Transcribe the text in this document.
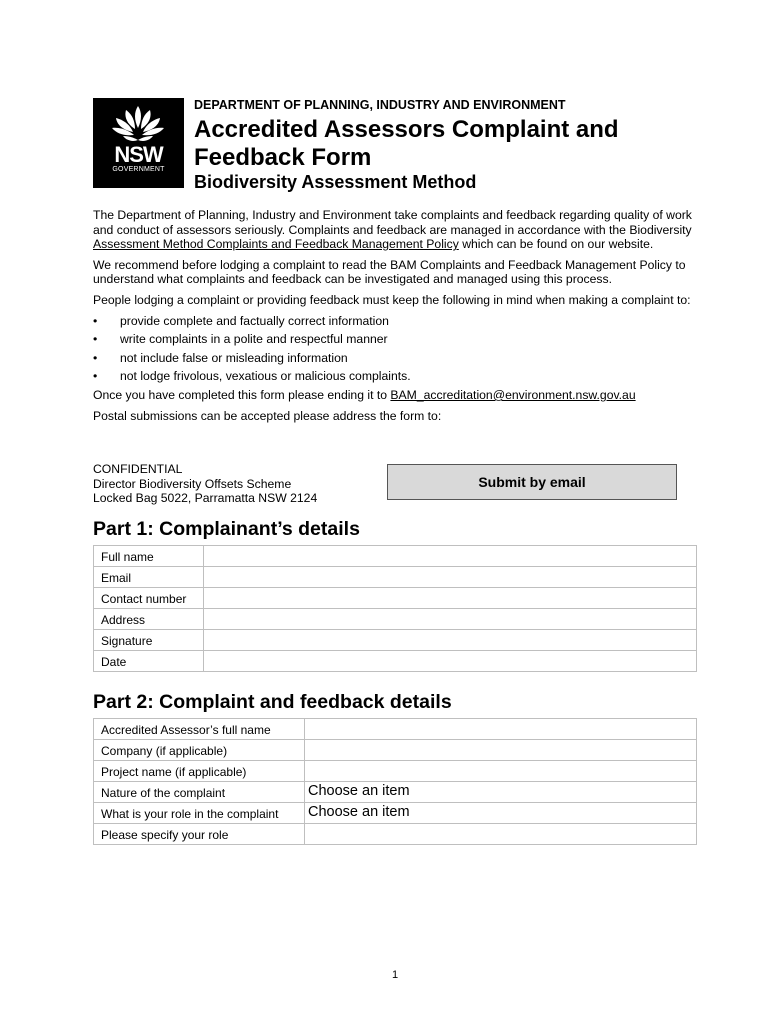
NSW
GOVERNMENT
DEPARTMENT OF PLANNING, INDUSTRY AND ENVIRONMENT
Accredited Assessors Complaint and
Feedback Form
Biodiversity Assessment Method

The Department of Planning, Industry and Environment take complaints and feedback regarding quality of work and conduct of assessors seriously. Complaints and feedback are managed in accordance with the Biodiversity Assessment Method Complaints and Feedback Management Policy which can be found on our website.

We recommend before lodging a complaint to read the BAM Complaints and Feedback Management Policy to understand what complaints and feedback can be investigated and managed using this process.

People lodging a complaint or providing feedback must keep the following in mind when making a complaint to:

• provide complete and factually correct information
• write complaints in a polite and respectful manner
• not include false or misleading information
• not lodge frivolous, vexatious or malicious complaints.

Once you have completed this form please ending it to BAM_accreditation@environment.nsw.gov.au

Postal submissions can be accepted please address the form to:

CONFIDENTIAL
Director Biodiversity Offsets Scheme
Locked Bag 5022, Parramatta NSW 2124
Submit by email
Part 1: Complainant’s details
Full name	
Email	
Contact number	
Address	
Signature	
Date	
Part 2: Complaint and feedback details
Accredited Assessor’s full name	

Company (if applicable)	

Project name (if applicable)	

Nature of the complaint	Choose an item

What is your role in the complaint	Choose an item

Please specify your role	
1
